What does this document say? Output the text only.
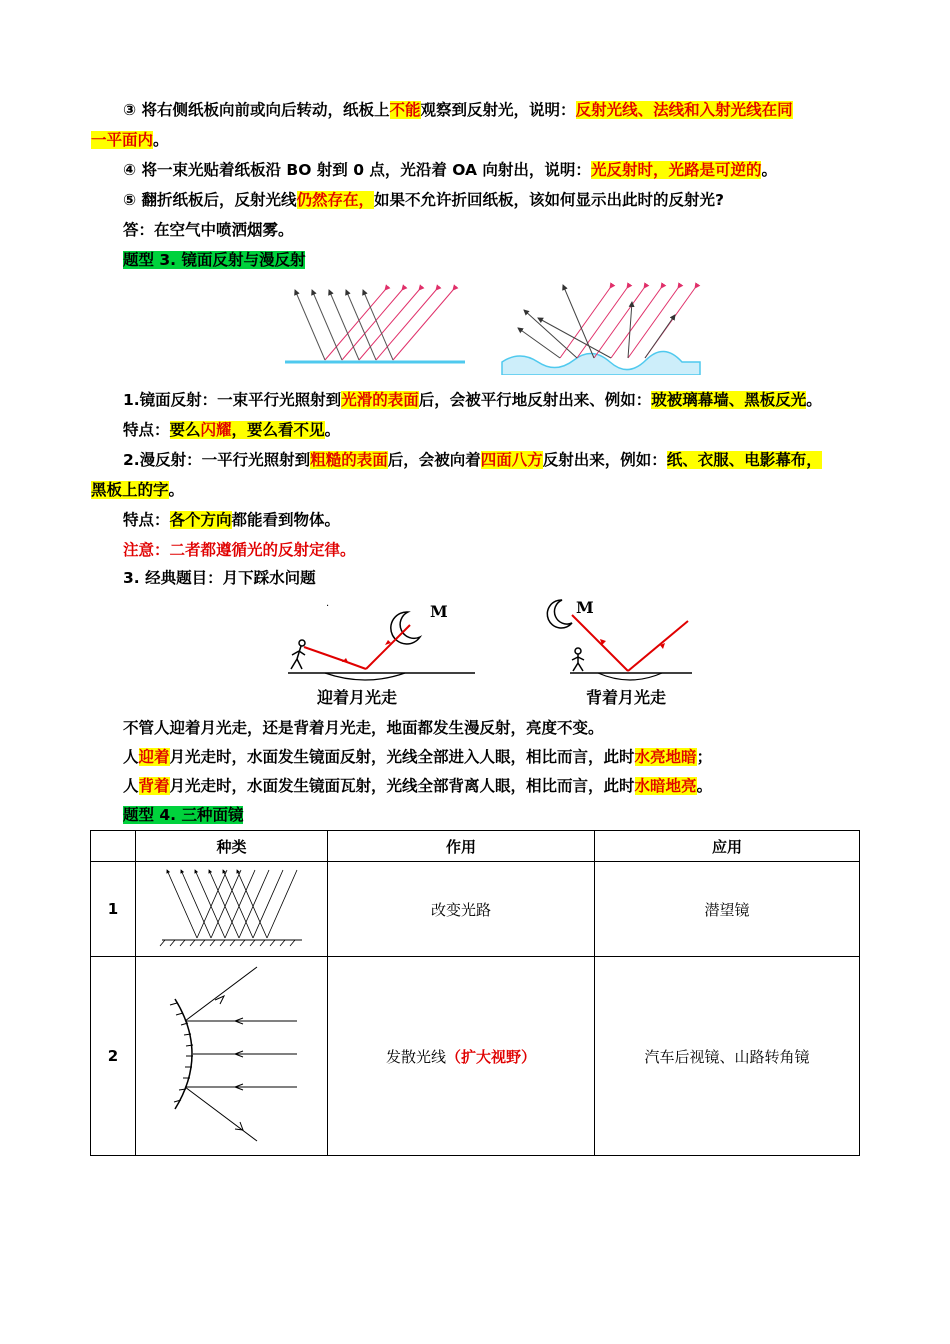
③ 将右侧纸板向前或向后转动，纸板上不能观察到反射光，说明：反射光线、法线和入射光线在同
一平面内。
④ 将一束光贴着纸板沿 BO 射到 0 点，光沿着 OA 向射出，说明：光反射时，光路是可逆的。
⑤ 翻折纸板后，反射光线仍然存在，如果不允许折回纸板，该如何显示出此时的反射光?
答：在空气中喷洒烟雾。
题型 3. 镜面反射与漫反射
1.镜面反射：一束平行光照射到光滑的表面后，会被平行地反射出来、例如：玻被璃幕墙、黑板反光。
特点：要么闪耀，要么看不见。
2.漫反射：一平行光照射到粗糙的表面后，会被向着四面八方反射出来，例如：纸、衣服、电影幕布，
黑板上的字。
特点：各个方向都能看到物体。
注意：二者都遵循光的反射定律。
3. 经典题目：月下踩水问题
·
迎着月光走
M	M
背着月光走
不管人迎着月光走，还是背着月光走，地面都发生漫反射，亮度不变。
人迎着月光走时，水面发生镜面反射，光线全部进入人眼，相比而言，此时水亮地暗；
人背着月光走时，水面发生镜面瓦射，光线全部背离人眼，相比而言，此时水暗地亮。
题型 4. 三种面镜
	种类	作用	应用
1		改变光路	潜望镜
2		发散光线（扩大视野）	汽车后视镜、山路转角镜
